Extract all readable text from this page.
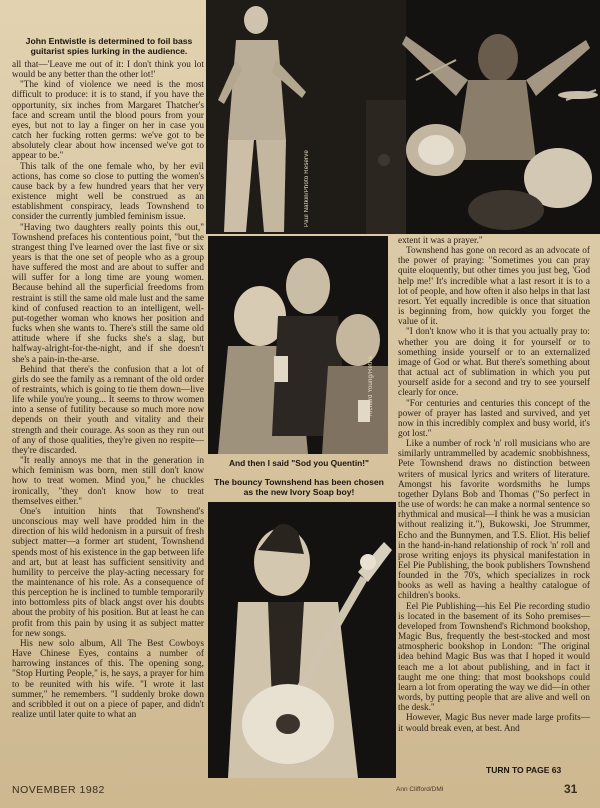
John Entwistle is determined to foil bass guitarist spies lurking in the audience.
Paul Natkin/Photo Reserve

all that—'Leave me out of it: I don't think you lot would be any better than the other lot!'

"The kind of violence we need is the most difficult to produce: it is to stand, if you have the opportunity, six inches from Margaret Thatcher's face and scream until the blood pours from your eyes, but not to lay a finger on her in case you catch her fucking rotten germs: we've got to be absolutely clear about how incensed we've got to appear to be."

This talk of the one female who, by her evil actions, has come so close to putting the women's cause back by a few hundred years that her very existence might well be construed as an establishment conspiracy, leads Townshend to consider the currently jumbled feminism issue.

"Having two daughters really points this out," Townshend prefaces his contentious point, "but the strangest thing I've learned over the last five or six years is that the one set of people who as a group have suffered the most and are about to suffer and will suffer for a long time are young women. Because behind all the superficial freedoms from restraint is still the same old male lust and the same kind of confused reaction to an intelligent, well-put-together woman who knows her position and fucks when she wants to. There's still the same old attitude where if she fucks she's a slag, but halfway-alright-for-the-night, and if she doesn't she's a pain-in-the-arse.

Behind that there's the confusion that a lot of girls do see the family as a remnant of the old order of restraints, which is going to tie them down—live life while you're young... It seems to throw women into a sense of futility because so much more now depends on their youth and vitality and their strength and their courage. As soon as they run out of any of those qualities, they're given no respite—they're discarded.

"It really annoys me that in the generation in which feminism was born, men still don't know how to treat women. Mind you," he chuckles ironically, "they don't know how to treat themselves either."

One's intuition hints that Townshend's unconscious may well have prodded him in the direction of his wild hedonism in a pursuit of fresh subject matter—a former art student, Townshend spends most of his existence in the gap between life and art, but at least has sufficient sensitivity and humility to perceive the play-acting necessary for the maintenance of his role. As a consequence of this perception he is inclined to tumble temporarily into bottomless pits of black angst over his doubts about the probity of his position. But at least he can profit from this pain by using it as subject matter for new songs.

His new solo album, All The Best Cowboys Have Chinese Eyes, contains a number of harrowing instances of this. The opening song, "Stop Hurting People," is, he says, a prayer for him to be reunited with his wife. "I wrote it last summer," he remembers. "I suddenly broke down and scribbled it out on a piece of paper, and didn't realize until later quite to what an

Richard Young/Retna
And then I said "Sod you Quentin!"
The bouncy Townshend has been chosen as the new Ivory Soap boy!

extent it was a prayer."

Townshend has gone on record as an advocate of the power of praying: "Sometimes you can pray quite eloquently, but other times you just beg, 'God help me!' It's incredible what a last resort it is to a lot of people, and how often it also helps in that last resort. Yet equally incredible is once that situation is beginning from, how quickly you forget the value of it.

"I don't know who it is that you actually pray to: whether you are doing it for yourself or to something inside yourself or to an externalized image of God or what. But there's something about that actual act of sublimation in which you put yourself aside for a second and try to see yourself clearly for once.

"For centuries and centuries this concept of the power of prayer has lasted and survived, and yet now in this incredibly complex and busy world, it's got lost."

Like a number of rock 'n' roll musicians who are similarly untrammelled by academic snobbishness, Pete Townshend draws no distinction between writers of musical lyrics and writers of literature. Amongst his favorite wordsmiths he lumps together Dylans Bob and Thomas ("So perfect in the use of words: he can make a normal sentence so rhythmical and musical—I think he was a musician without realizing it."), Bukowski, Joe Strummer, Echo and the Bunnymen, and T.S. Eliot. His belief in the hand-in-hand relationship of rock 'n' roll and prose writing enjoys its physical manifestation in Eel Pie Publishing, the book publishers Townshend founded in the 70's, which specializes in rock books as well as having a healthy catalogue of children's books.

Eel Pie Publishing—his Eel Pie recording studio is located in the basement of its Soho premises—developed from Townshend's Richmond bookshop, Magic Bus, frequently the best-stocked and most atmospheric bookshop in London: "The original idea behind Magic Bus was that I hoped it would teach me a lot about publishing, and in fact it taught me one thing: that most bookshops could learn a lot from operating the way we did—in other words, by putting people that are alive and well on the desk."

However, Magic Bus never made large profits—it would break even, at best. And

TURN TO PAGE 63
NOVEMBER 1982	Ann Clifford/DMI	31
